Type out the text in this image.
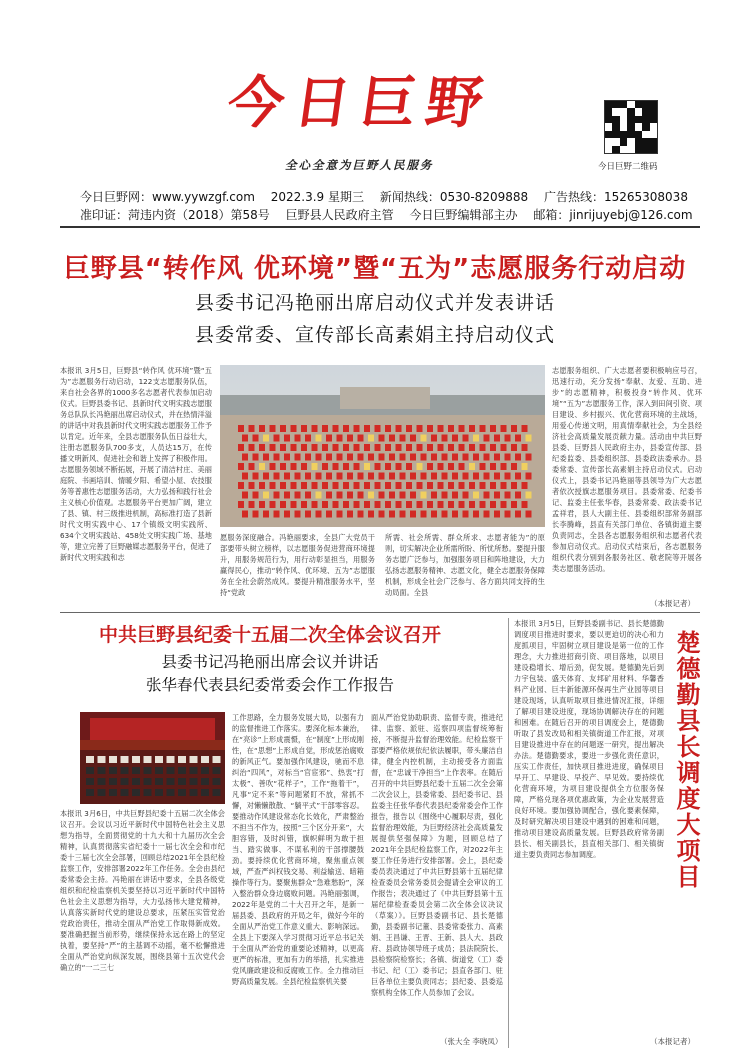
今日巨野
全心全意为巨野人民服务	今日巨野二维码
今日巨野网：www.yywzgf.com 2022.3.9 星期三 新闻热线：0530-8209888 广告热线：15265308038
准印证：菏违内资（2018）第58号 巨野县人民政府主管 今日巨野编辑部主办 邮箱：jinrijuyebj@126.com
巨野县“转作风 优环境”暨“五为”志愿服务行动启动
县委书记冯艳丽出席启动仪式并发表讲话
县委常委、宣传部长高素娟主持启动仪式
本报讯 3月5日，巨野县“转作风 优环境”暨“五为”志愿服务行动启动，122支志愿服务队伍，来自社会各界的1000多名志愿者代表参加启动仪式。巨野县委书记、县新时代文明实践志愿服务总队队长冯艳丽出席启动仪式，并在热情洋溢的讲话中对我县新时代文明实践志愿服务工作予以肯定。近年来，全县志愿服务队伍日益壮大，注册志愿服务队700多支，人员达15万，在传播文明新风、促进社会和谐上发挥了积极作用。志愿服务领域不断拓展，开展了清洁村庄、美丽庭院、书画培训、情暖夕阳、希望小屋、农技服务等普惠性志愿服务活动，大力弘扬和践行社会主义核心价值观。志愿服务平台更加广阔，建立了县、镇、村三级推进机制，高标准打造了县新时代文明实践中心、17个镇级文明实践所、634个文明实践站、458处文明实践广场、基地等，建立完善了巨野融媒志愿服务平台，促进了新时代文明实践和志
愿服务深度融合。冯艳丽要求，全县广大党员干部要带头树立榜样，以志愿服务促进营商环境提升，用服务规范行为，用行动彰显担当，用服务赢得民心，推动“转作风、优环境、五为”志愿服务在全社会蔚然成风。要提升精准服务水平，坚持“党政
所需、社会所需、群众所求、志愿者能为”的原则，切实解决企业所需所盼、所忧所愁。要提升服务志愿广泛参与，加强服务项目和阵地建设，大力弘扬志愿服务精神、志愿文化，健全志愿服务保障机制，形成全社会广泛参与、各方面共同支持的生动局面。全县
志愿服务组织、广大志愿者要积极响应号召，迅速行动，充分发扬“奉献、友爱、互助、进步”的志愿精神，积极投身“转作风、优环境”“五为”志愿服务工作，深入到田间引资、项目建设、乡村振兴、优化营商环境的主战场，用爱心传递文明，用真情奉献社会，为全县经济社会高质量发展贡献力量。活动由中共巨野县委、巨野县人民政府主办，县委宣传部、县纪委监委、县委组织部、县委政法委承办。县委常委、宣传部长高素娟主持启动仪式。启动仪式上，县委书记冯艳丽等县领导为广大志愿者依次授旗志愿服务项目。县委常委、纪委书记、监委主任张华春，县委常委、政法委书记孟祥君，县人大副主任、县委组织部常务副部长李腾峰，县直有关部门单位、各镇街道主要负责同志，全县各志愿服务组织和志愿者代表参加启动仪式。启动仪式结束后，各志愿服务组织代表分别到各服务社区、敬老院等开展各类志愿服务活动。
（本报记者）
中共巨野县纪委十五届二次全体会议召开
县委书记冯艳丽出席会议并讲话
张华春代表县纪委常委会作工作报告
本报讯 3月6日，中共巨野县纪委十五届二次全体会议召开。会议以习近平新时代中国特色社会主义思想为指导，全面贯彻党的十九大和十九届历次全会精神，认真贯彻落实省纪委十一届七次全会和市纪委十三届七次全会部署，回顾总结2021年全县纪检监察工作，安排部署2022年工作任务。全会由县纪委常委会主持。冯艳丽在讲话中要求，全县各级党组织和纪检监察机关要坚持以习近平新时代中国特色社会主义思想为指导，大力弘扬伟大建党精神，认真落实新时代党的建设总要求，压紧压实管党治党政治责任，推动全面从严治党工作取得新成效。要准确把握当前形势，继续保持永远在路上的坚定执着，要坚持“严”的主基调不动摇，毫不松懈推进全面从严治党向纵深发展，围绕县第十五次党代会确立的“一二三七
工作思路，全力服务发展大局，以强有力的监督推进工作落实。要深化标本兼治，在“亮诊”上形成震慑，在“制度”上形成刚性，在“思想”上形成自觉，形成惩治腐败的新风正气。要加强作风建设，驰而不息纠治“四风”，对标当“官宦邪”、热衷“打太极”、善吹“花样子”，工作“拖着干”，凡事“定不来”等问题紧盯不放，常抓不懈，对懒懒散散、“躺平式”干部零容忍。要推动作风建设常态化长效化，严肃整治不担当不作为，按照“三个区分开来”，大胆容错，及时纠错，旗帜鲜明为敢于担当、踏实做事、不谋私利的干部撑腰鼓劲。要持续优化营商环境，聚焦重点领域，严查严纠权钱交易、利益输送、暗箱操作等行为。要聚焦群众“急难愁盼”，深入整治群众身边腐败问题。冯艳丽强调，2022年是党的二十大召开之年，是新一届县委、县政府的开局之年，做好今年的全面从严治党工作意义重大、影响深远。全县上下要深入学习贯彻习近平总书记关于全面从严治党的重要论述精神，以更高更严的标准，更加有力的举措，扎实推进党风廉政建设和反腐败工作。全力推动巨野高质量发展。全县纪检监察机关要
面从严治党协助职责、监督专责，推进纪律、监察、派驻、巡察四项监督统筹衔接，不断提升监督治理效能。纪检监察干部要严格依规依纪依法履职，带头廉洁自律，健全内控机制，主动接受各方面监督，在“忠诚干净担当”上作表率。在随后召开的中共巨野县纪委十五届二次全会第二次会议上，县委常委、县纪委书记、县监委主任张华春代表县纪委常委会作工作报告，报告以《围绕中心履职尽责，强化监督治理效能，为巨野经济社会高质量发展提供坚强保障》为题，回顾总结了2021年全县纪检监察工作，对2022年主要工作任务进行安排部署。会上，县纪委委员表决通过了中共巨野县第十五届纪律检查委员会常务委员会提请全会审议的工作报告；表决通过了《中共巨野县第十五届纪律检查委员会第二次全体会议决议（草案）》。巨野县委副书记、县长楚德勤，县委副书记董、县委常委张力、高素娟、王昌谦、王晋、王新、县人大、县政府、县政协领导班子成员；县法院院长、县检察院检察长；各镇、街道党（工）委书记、纪（工）委书记；县直各部门、驻巨各单位主要负责同志；县纪委、县委巡察机构全体工作人员参加了会议。
（张大全 李晓凤）
本报讯 3月5日，巨野县委副书记、县长楚德勤调度项目推进时要求，要以更迫切的决心和力度抓项目，牢固树立项目建设是第一位的工作理念，大力推进招商引资、项目落地，以项目建设稳增长、增后劲，促发展。楚德勤先后到力宇包装、盛天体育、友邦矿用材料、华馨香料产业园、巨丰新能源环保再生产业园等项目建设现场，认真听取项目推进情况汇报，详细了解项目建设进度，现场协调解决存在的问题和困难。在随后召开的项目调度会上，楚德勤听取了县发改局和相关镇街道工作汇报，对项目建设推进中存在的问题逐一研究，提出解决办法。楚德勤要求，要进一步强化责任意识，压实工作责任，加快项目推进进度，确保项目早开工、早建设、早投产、早见效。要持续优化营商环境，为项目建设提供全方位服务保障，严格兑现各项优惠政策，为企业发展营造良好环境。要加强协调配合，强化要素保障，及时研究解决项目建设中遇到的困难和问题，推动项目建设高质量发展。巨野县政府常务副县长、相关副县长，县直相关部门、相关镇街道主要负责同志参加调度。	楚德勤县长调度大项目
（本报记者）
